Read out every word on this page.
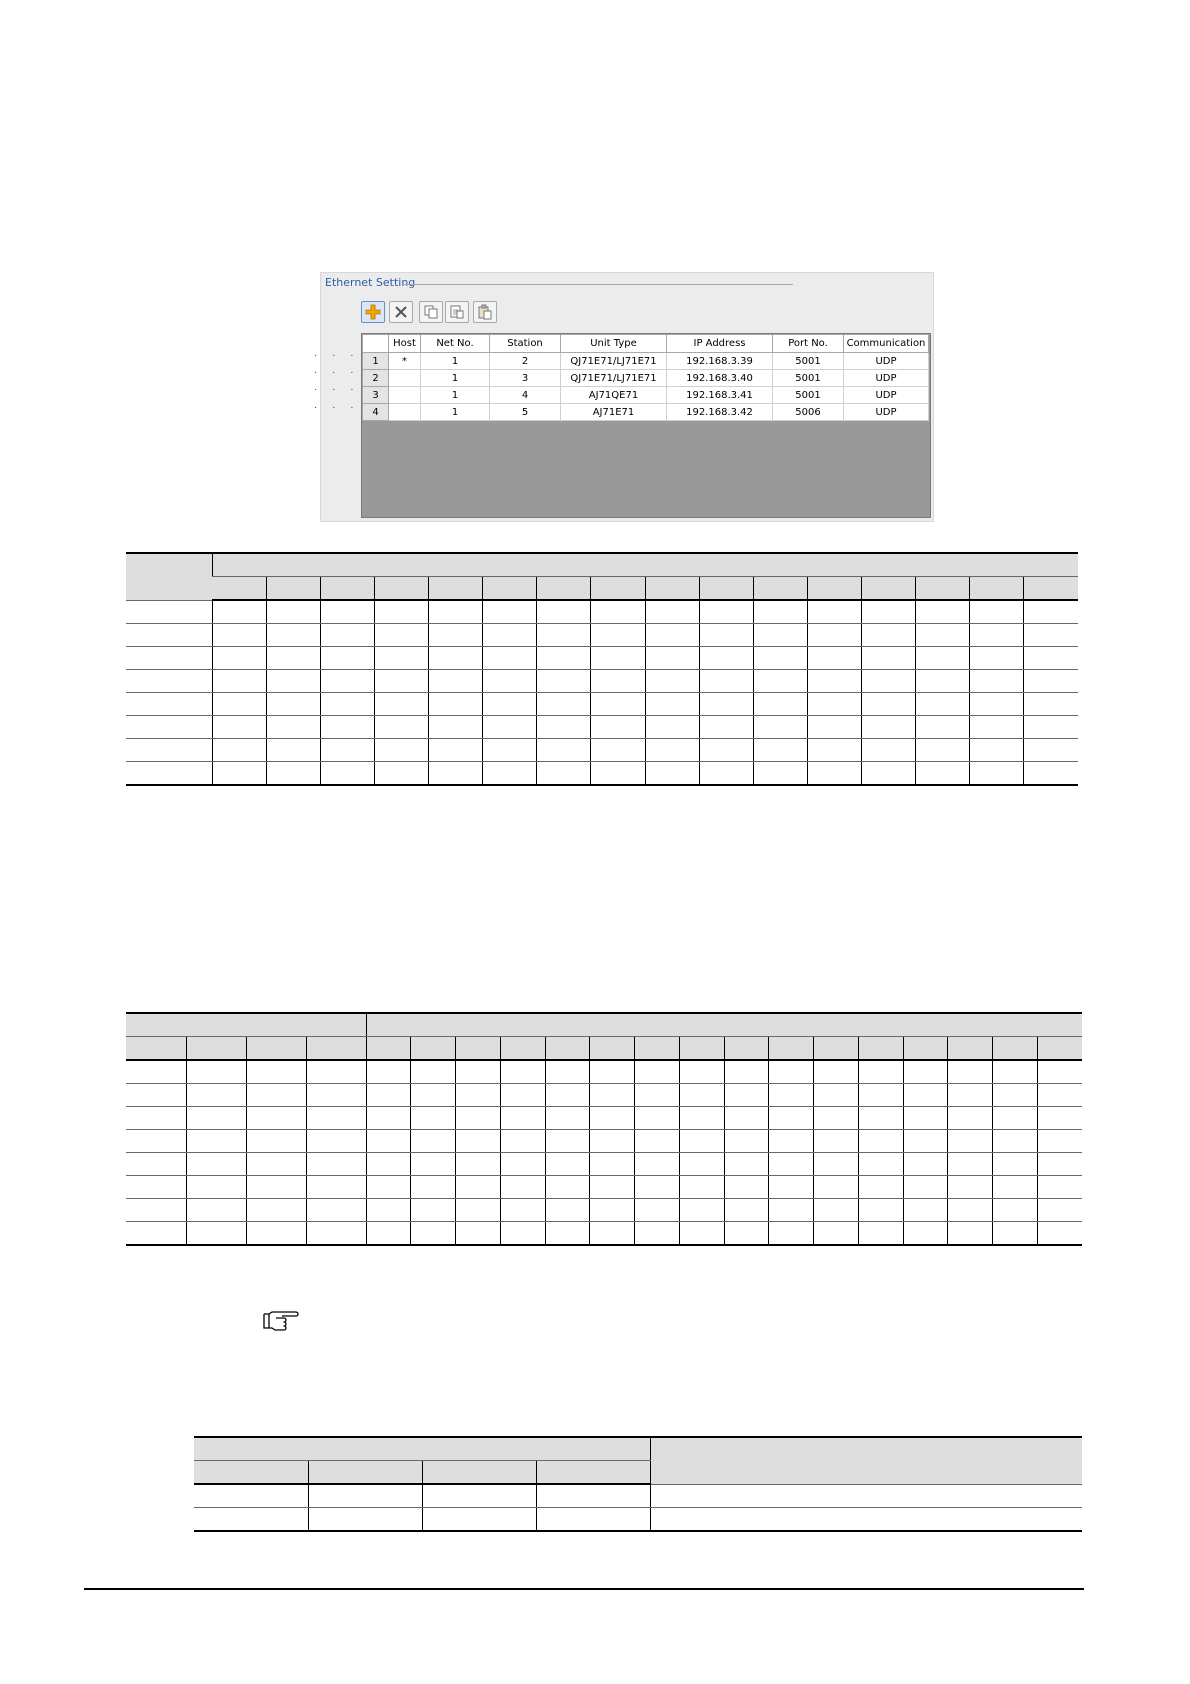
Ethernet Setting
	Host	Net No.	Station	Unit Type	IP Address	Port No.	Communication
1	*	1	2	QJ71E71/LJ71E71	192.168.3.39	5001	UDP
2		1	3	QJ71E71/LJ71E71	192.168.3.40	5001	UDP
3		1	4	AJ71QE71	192.168.3.41	5001	UDP
4		1	5	AJ71E71	192.168.3.42	5006	UDP
· · ·
· · ·
· · ·
· · ·
